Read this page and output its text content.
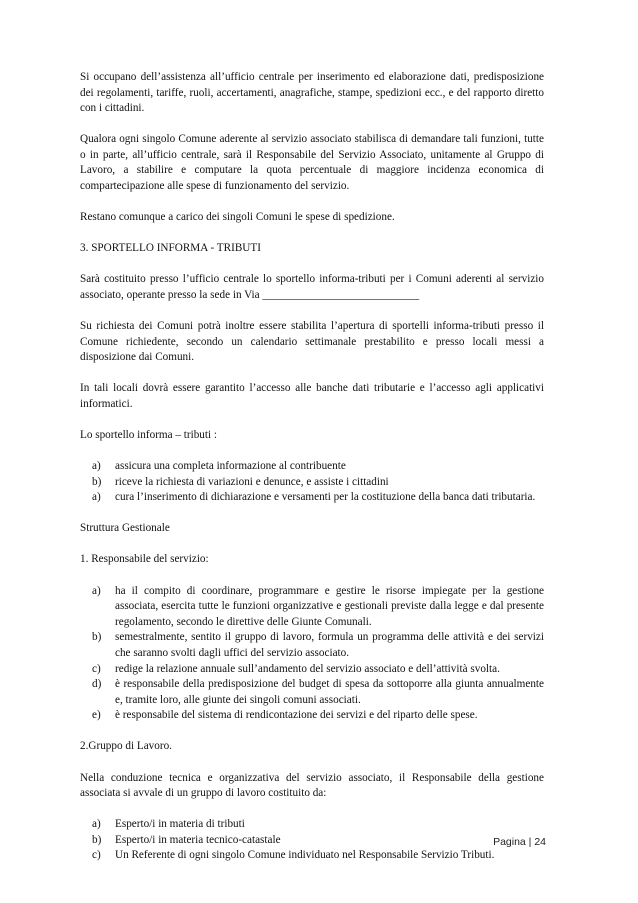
Si occupano dell’assistenza all’ufficio centrale per inserimento ed elaborazione dati, predisposizione dei regolamenti, tariffe, ruoli, accertamenti, anagrafiche, stampe, spedizioni ecc., e del rapporto diretto con i cittadini.

Qualora ogni singolo Comune aderente al servizio associato stabilisca di demandare tali funzioni, tutte o in parte, all’ufficio centrale, sarà il Responsabile del Servizio Associato, unitamente al Gruppo di Lavoro, a stabilire e computare la quota percentuale di maggiore incidenza economica di compartecipazione alle spese di funzionamento del servizio.

Restano comunque a carico dei singoli Comuni le spese di spedizione.

3. SPORTELLO INFORMA - TRIBUTI

Sarà costituito presso l’ufficio centrale lo sportello informa-tributi per i Comuni aderenti al servizio associato, operante presso la sede in Via ____________________________

Su richiesta dei Comuni potrà inoltre essere stabilita l’apertura di sportelli informa-tributi presso il Comune richiedente, secondo un calendario settimanale prestabilito e presso locali messi a disposizione dai Comuni.

In tali locali dovrà essere garantito l’accesso alle banche dati tributarie e l’accesso agli applicativi informatici.

Lo sportello informa – tributi :

a) assicura una completa informazione al contribuente
b) riceve la richiesta di variazioni e denunce, e assiste i cittadini
a) cura l’inserimento di dichiarazione e versamenti per la costituzione della banca dati tributaria.

Struttura Gestionale

1. Responsabile del servizio:

a) ha il compito di coordinare, programmare e gestire le risorse impiegate per la gestione associata, esercita tutte le funzioni organizzative e gestionali previste dalla legge e dal presente regolamento, secondo le direttive delle Giunte Comunali.
b) semestralmente, sentito il gruppo di lavoro, formula un programma delle attività e dei servizi che saranno svolti dagli uffici del servizio associato.
c) redige la relazione annuale sull’andamento del servizio associato e dell’attività svolta.
d) è responsabile della predisposizione del budget di spesa da sottoporre alla giunta annualmente e, tramite loro, alle giunte dei singoli comuni associati.
e) è responsabile del sistema di rendicontazione dei servizi e del riparto delle spese.

2.Gruppo di Lavoro.

Nella conduzione tecnica e organizzativa del servizio associato, il Responsabile della gestione associata si avvale di un gruppo di lavoro costituito da:

a) Esperto/i in materia di tributi
b) Esperto/i in materia tecnico-catastale
c) Un Referente di ogni singolo Comune individuato nel Responsabile Servizio Tributi.
Pagina | 24
